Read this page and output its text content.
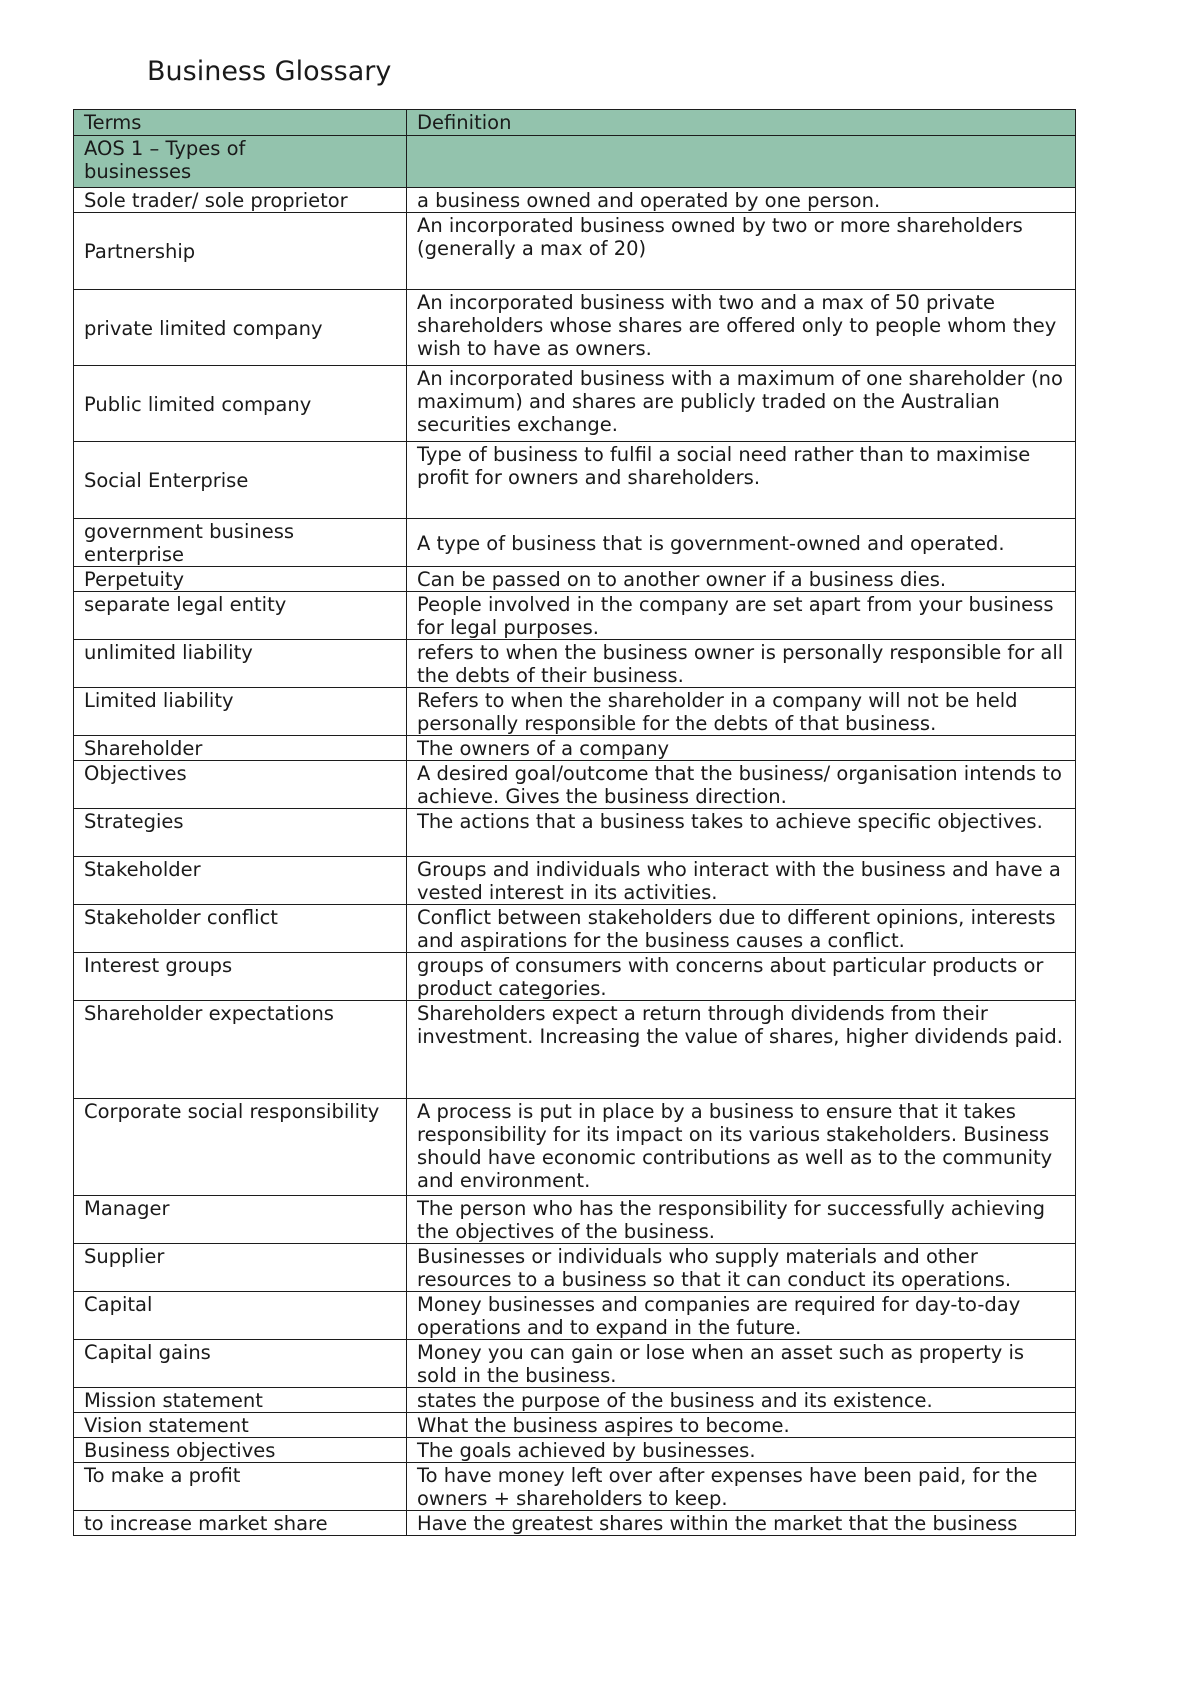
Business Glossary
Terms	Definition
AOS 1 – Types of businesses	
Sole trader/ sole proprietor	a business owned and operated by one person.
Partnership	An incorporated business owned by two or more shareholders (generally a max of 20)
private limited company	An incorporated business with two and a max of 50 private shareholders whose shares are offered only to people whom they wish to have as owners.
Public limited company	An incorporated business with a maximum of one shareholder (no maximum) and shares are publicly traded on the Australian securities exchange.
Social Enterprise	Type of business to fulfil a social need rather than to maximise profit for owners and shareholders.
government business enterprise	A type of business that is government-owned and operated.
Perpetuity	Can be passed on to another owner if a business dies.
separate legal entity	People involved in the company are set apart from your business for legal purposes.
unlimited liability	refers to when the business owner is personally responsible for all the debts of their business.
Limited liability	Refers to when the shareholder in a company will not be held personally responsible for the debts of that business.
Shareholder	The owners of a company
Objectives	A desired goal/outcome that the business/ organisation intends to achieve. Gives the business direction.
Strategies	The actions that a business takes to achieve specific objectives.
Stakeholder	Groups and individuals who interact with the business and have a vested interest in its activities.
Stakeholder conflict	Conflict between stakeholders due to different opinions, interests and aspirations for the business causes a conflict.
Interest groups	groups of consumers with concerns about particular products or product categories.
Shareholder expectations	Shareholders expect a return through dividends from their investment. Increasing the value of shares, higher dividends paid.
Corporate social responsibility	A process is put in place by a business to ensure that it takes responsibility for its impact on its various stakeholders. Business should have economic contributions as well as to the community and environment.
Manager	The person who has the responsibility for successfully achieving the objectives of the business.
Supplier	Businesses or individuals who supply materials and other resources to a business so that it can conduct its operations.
Capital	Money businesses and companies are required for day-to-day operations and to expand in the future.
Capital gains	Money you can gain or lose when an asset such as property is sold in the business.
Mission statement	states the purpose of the business and its existence.
Vision statement	What the business aspires to become.
Business objectives	The goals achieved by businesses.
To make a profit	To have money left over after expenses have been paid, for the owners + shareholders to keep.
to increase market share	Have the greatest shares within the market that the business
